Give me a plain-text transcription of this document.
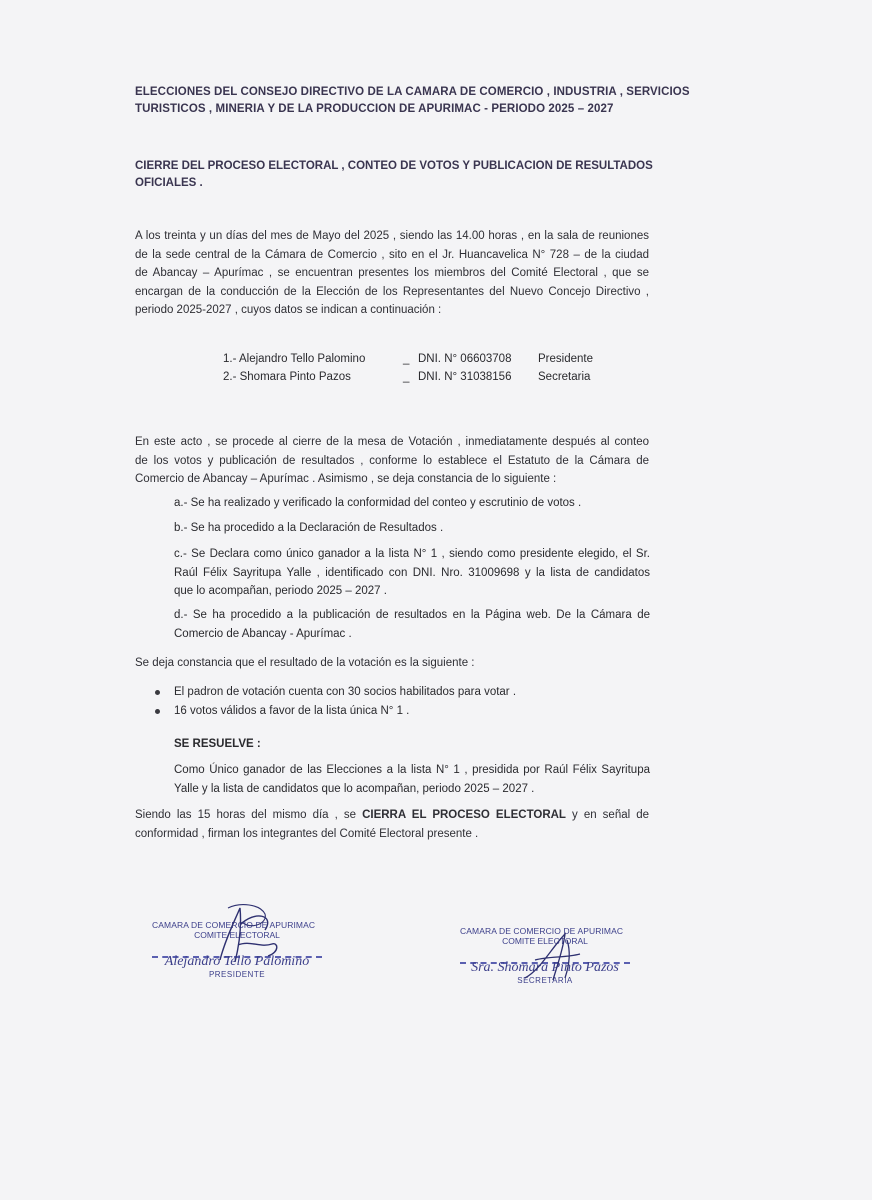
ELECCIONES DEL CONSEJO DIRECTIVO DE LA CAMARA DE COMERCIO , INDUSTRIA , SERVICIOS
TURISTICOS , MINERIA Y DE LA PRODUCCION DE APURIMAC - PERIODO 2025 – 2027
CIERRE DEL PROCESO ELECTORAL , CONTEO DE VOTOS Y PUBLICACION DE RESULTADOS
OFICIALES .
A los treinta y un días del mes de Mayo del 2025 , siendo las 14.00 horas , en la sala de reuniones
de la sede central de la Cámara de Comercio , sito en el Jr. Huancavelica N° 728 – de la ciudad
de Abancay – Apurímac , se encuentran presentes los miembros del Comité Electoral , que se
encargan de la conducción de la Elección de los Representantes del Nuevo Concejo Directivo ,
periodo 2025-2027 , cuyos datos se indican a continuación :
1.- Alejandro Tello Palomino	_ DNI. N° 06603708 Presidente
2.- Shomara Pinto Pazos	_ DNI. N° 31038156 Secretaria
En este acto , se procede al cierre de la mesa de Votación , inmediatamente después al conteo
de los votos y publicación de resultados , conforme lo establece el Estatuto de la Cámara de
Comercio de Abancay – Apurímac . Asimismo , se deja constancia de lo siguiente :
a.- Se ha realizado y verificado la conformidad del conteo y escrutinio de votos .
b.- Se ha procedido a la Declaración de Resultados .
c.- Se Declara como único ganador a la lista N° 1 , siendo como presidente elegido, el Sr.
Raúl Félix Sayritupa Yalle , identificado con DNI. Nro. 31009698 y la lista de candidatos
que lo acompañan, periodo 2025 – 2027 .
d.- Se ha procedido a la publicación de resultados en la Página web. De la Cámara de
Comercio de Abancay - Apurímac .
Se deja constancia que el resultado de la votación es la siguiente :
El padron de votación cuenta con 30 socios habilitados para votar .
16 votos válidos a favor de la lista única N° 1 .
SE RESUELVE :
Como Único ganador de las Elecciones a la lista N° 1 , presidida por Raúl Félix Sayritupa
Yalle y la lista de candidatos que lo acompañan, periodo 2025 – 2027 .
Siendo las 15 horas del mismo día , se CIERRA EL PROCESO ELECTORAL y en señal de
conformidad , firman los integrantes del Comité Electoral presente .
CAMARA DE COMERCIO DE APURIMAC
COMITE ELECTORAL
Alejandro Tello Palomino
PRESIDENTE
CAMARA DE COMERCIO DE APURIMAC
COMITE ELECTORAL
Sra. Shomara Pinto Pazos
SECRETARIA
